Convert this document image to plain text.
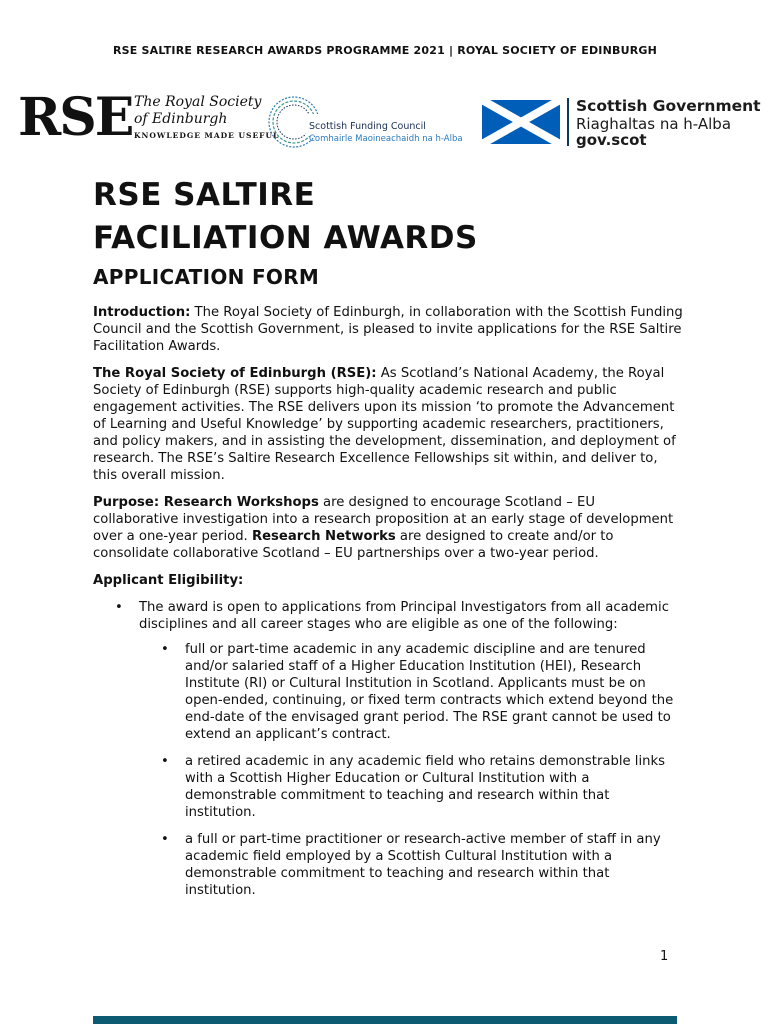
RSE SALTIRE RESEARCH AWARDS PROGRAMME 2021 | ROYAL SOCIETY OF EDINBURGH
RSE The Royal Society
of Edinburgh
KNOWLEDGE MADE USEFUL
Scottish Funding Council
Comhairle Maoineachaidh na h-Alba
Scottish Government
Riaghaltas na h-Alba
gov.scot
RSE SALTIRE
FACILIATION AWARDS
APPLICATION FORM

Introduction: The Royal Society of Edinburgh, in collaboration with the Scottish Funding Council and the Scottish Government, is pleased to invite applications for the RSE Saltire Facilitation Awards.

The Royal Society of Edinburgh (RSE): As Scotland’s National Academy, the Royal Society of Edinburgh (RSE) supports high-quality academic research and public engagement activities. The RSE delivers upon its mission ‘to promote the Advancement of Learning and Useful Knowledge’ by supporting academic researchers, practitioners, and policy makers, and in assisting the development, dissemination, and deployment of research. The RSE’s Saltire Research Excellence Fellowships sit within, and deliver to, this overall mission.

Purpose: Research Workshops are designed to encourage Scotland – EU collaborative investigation into a research proposition at an early stage of development over a one-year period. Research Networks are designed to create and/or to consolidate collaborative Scotland – EU partnerships over a two-year period.

Applicant Eligibility:
• The award is open to applications from Principal Investigators from all academic disciplines and all career stages who are eligible as one of the following:
• full or part-time academic in any academic discipline and are tenured and/or salaried staff of a Higher Education Institution (HEI), Research Institute (RI) or Cultural Institution in Scotland. Applicants must be on open-ended, continuing, or fixed term contracts which extend beyond the end-date of the envisaged grant period. The RSE grant cannot be used to extend an applicant’s contract.
• a retired academic in any academic field who retains demonstrable links with a Scottish Higher Education or Cultural Institution with a demonstrable commitment to teaching and research within that institution.
• a full or part-time practitioner or research-active member of staff in any academic field employed by a Scottish Cultural Institution with a demonstrable commitment to teaching and research within that institution.
1
